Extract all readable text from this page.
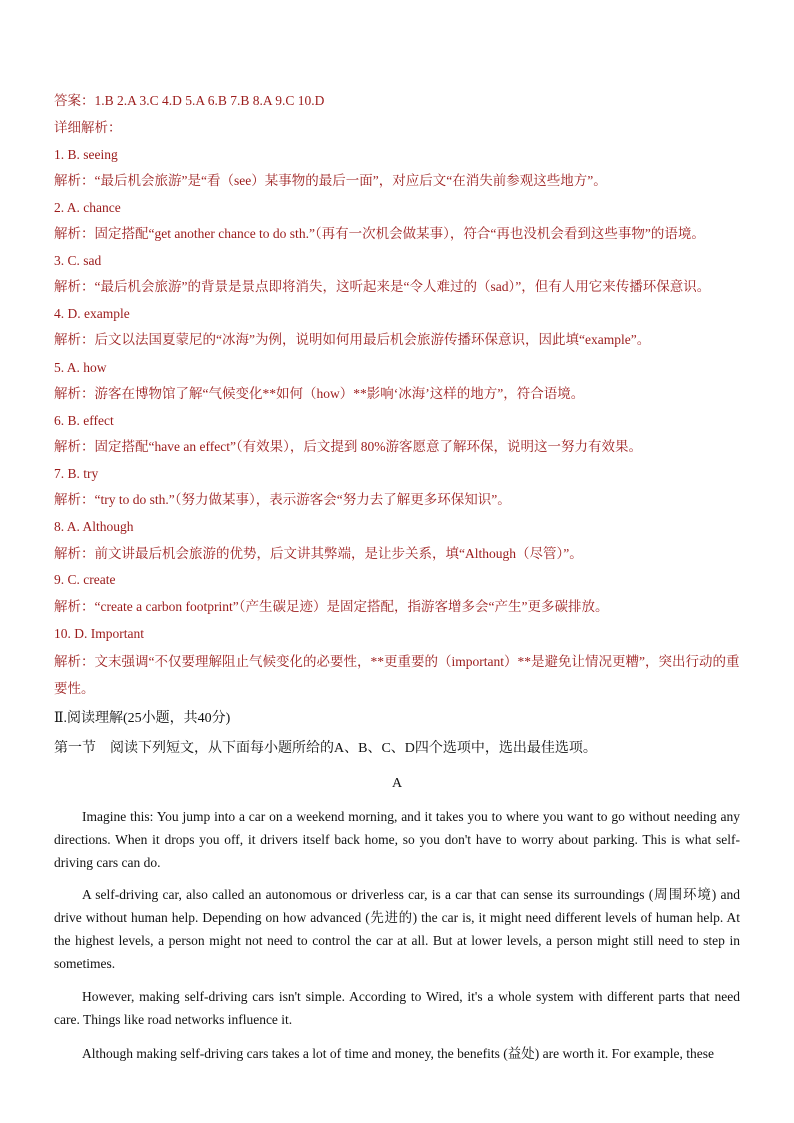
答案：1.B 2.A 3.C 4.D 5.A 6.B 7.B 8.A 9.C 10.D
详细解析：
1. B. seeing
解析：“最后机会旅游”是“看（see）某事物的最后一面”，对应后文“在消失前参观这些地方”。
2. A. chance
解析：固定搭配“get another chance to do sth.”（再有一次机会做某事），符合“再也没机会看到这些事物”的语境。
3. C. sad
解析：“最后机会旅游”的背景是景点即将消失，这听起来是“令人难过的（sad）”，但有人用它来传播环保意识。
4. D. example
解析：后文以法国夏蒙尼的“冰海”为例，说明如何用最后机会旅游传播环保意识，因此填“example”。
5. A. how
解析：游客在博物馆了解“气候变化**如何（how）**影响‘冰海’这样的地方”，符合语境。
6. B. effect
解析：固定搭配“have an effect”（有效果），后文提到 80%游客愿意了解环保，说明这一努力有效果。
7. B. try
解析：“try to do sth.”（努力做某事），表示游客会“努力去了解更多环保知识”。
8. A. Although
解析：前文讲最后机会旅游的优势，后文讲其弊端，是让步关系，填“Although（尽管）”。
9. C. create
解析：“create a carbon footprint”（产生碳足迹）是固定搭配，指游客增多会“产生”更多碳排放。
10. D. Important
解析：文末强调“不仅要理解阻止气候变化的必要性，**更重要的（important）**是避免让情况更糟”，突出行动的重要性。
Ⅱ.阅读理解(25小题，共40分)
第一节　阅读下列短文，从下面每小题所给的A、B、C、D四个选项中，选出最佳选项。
A
Imagine this: You jump into a car on a weekend morning, and it takes you to where you want to go without needing any directions. When it drops you off, it drivers itself back home, so you don't have to worry about parking. This is what self-driving cars can do.
A self-driving car, also called an autonomous or driverless car, is a car that can sense its surroundings (周围环境) and drive without human help. Depending on how advanced (先进的) the car is, it might need different levels of human help. At the highest levels, a person might not need to control the car at all. But at lower levels, a person might still need to step in sometimes.
However, making self-driving cars isn't simple. According to Wired, it's a whole system with different parts that need care. Things like road networks influence it.
Although making self-driving cars takes a lot of time and money, the benefits (益处) are worth it. For example, these
